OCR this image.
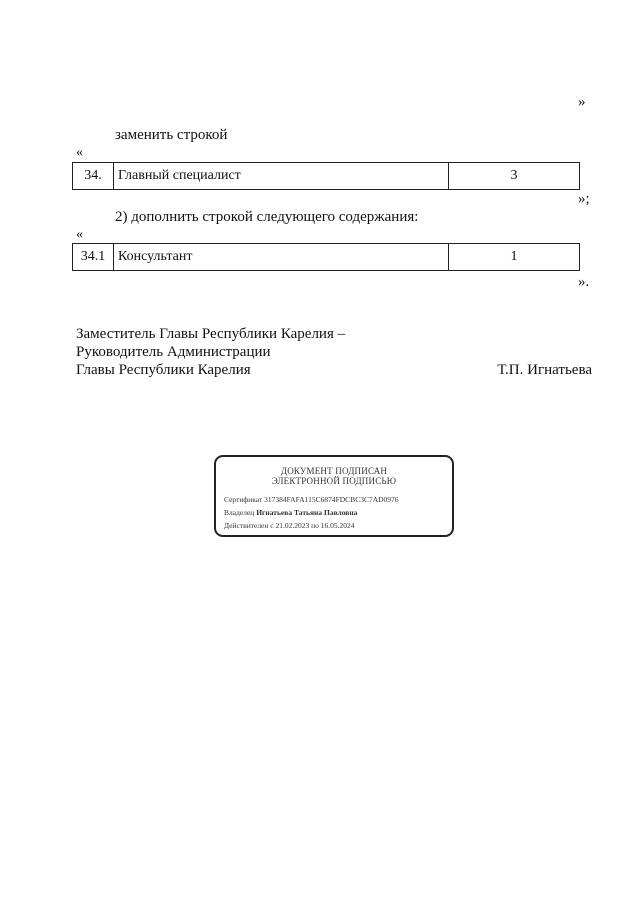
»
заменить строкой
«
34.	Главный специалист	3
»;
2) дополнить строкой следующего содержания:
«
34.1	Консультант	1
».
Заместитель Главы Республики Карелия –
Руководитель Администрации
Главы Республики Карелия	Т.П. Игнатьева
ДОКУМЕНТ ПОДПИСАН
ЭЛЕКТРОННОЙ ПОДПИСЬЮ
Сертификат 317384FAFA115C6874FDCBC3C7AD0976
Владелец Игнатьева Татьяна Павловна
Действителен с 21.02.2023 по 16.05.2024
